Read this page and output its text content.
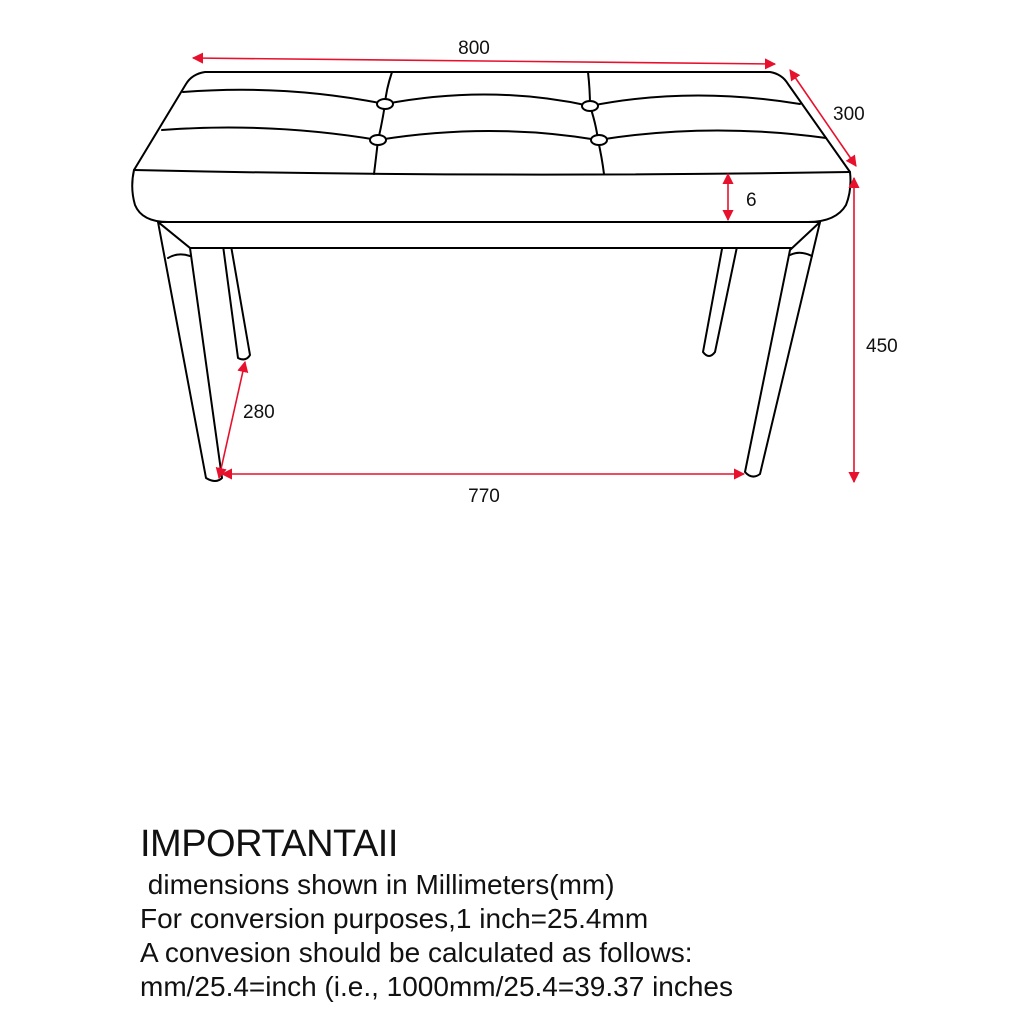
800
300
6
450
280
770

IMPORTANTAII

dimensions shown in Millimeters(mm)

For conversion purposes,1 inch=25.4mm

A convesion should be calculated as follows:

mm/25.4=inch (i.e., 1000mm/25.4=39.37 inches
